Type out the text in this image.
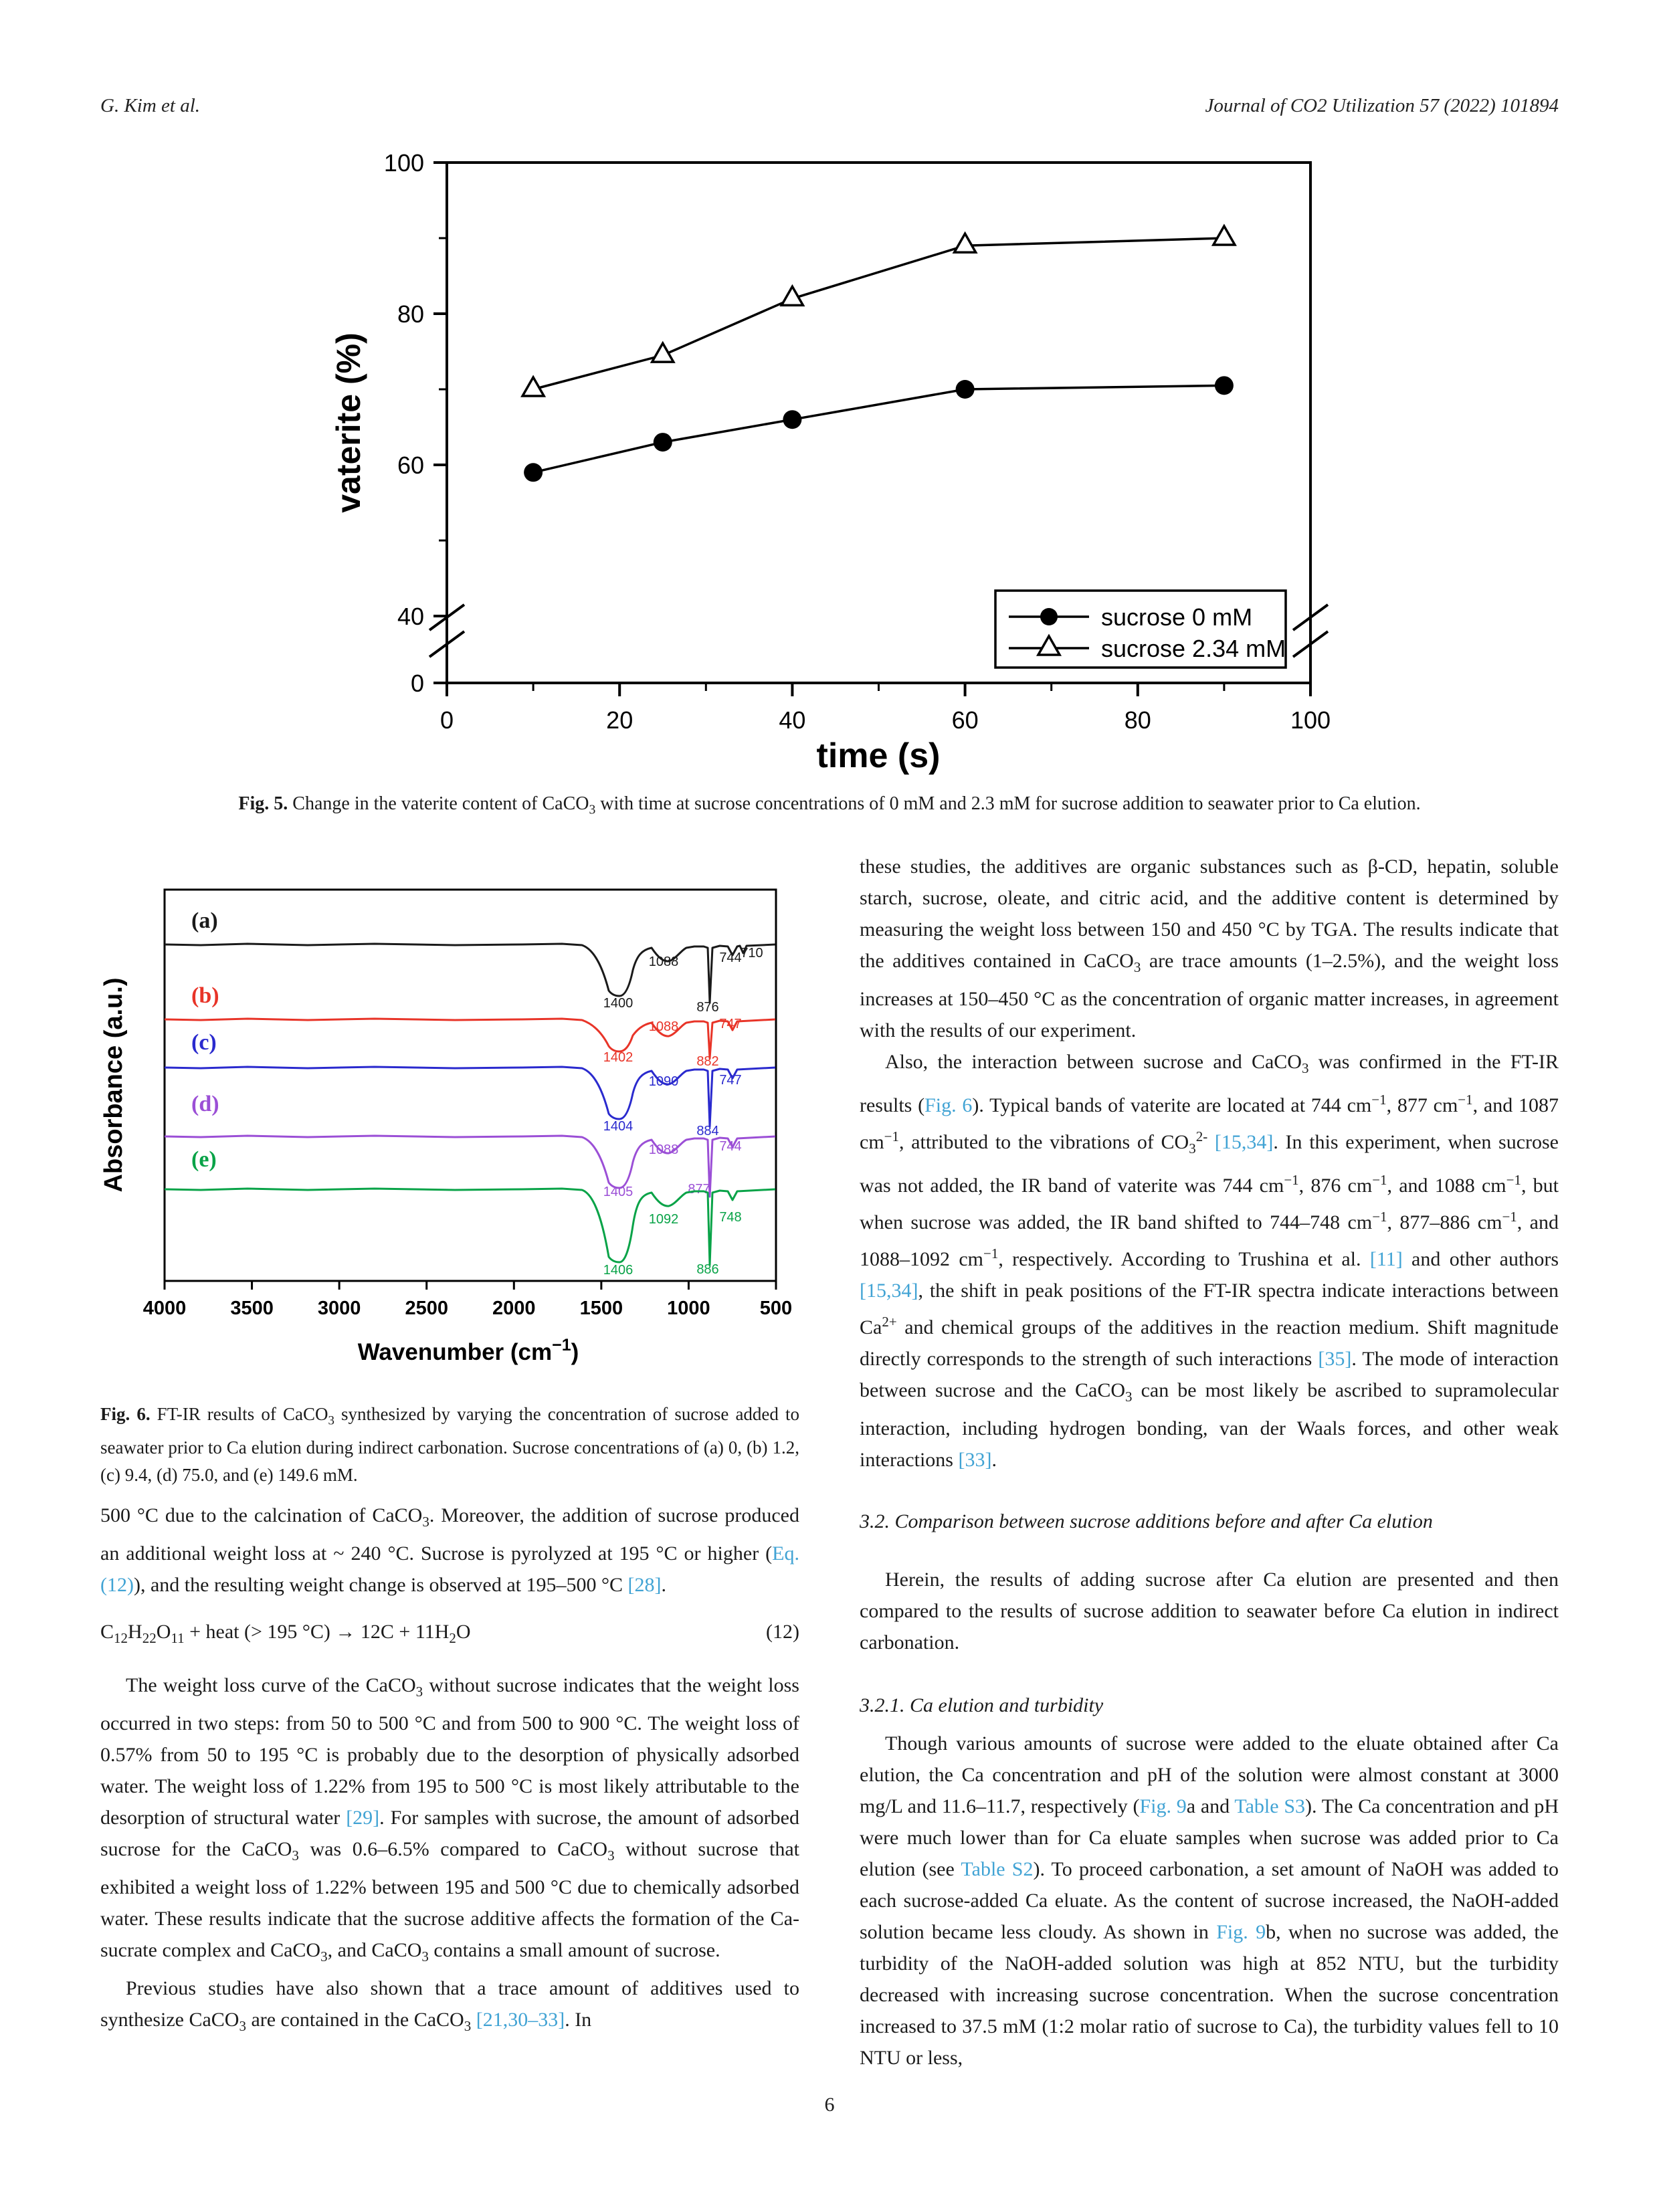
G. Kim et al.	Journal of CO2 Utilization 57 (2022) 101894
0
40
60
80
100
0	20	40	60	80	100
sucrose 0 mM
sucrose 2.34 mM
vaterite (%)
time (s)
Fig. 5. Change in the vaterite content of CaCO$_3$ with time at sucrose concentrations of 0 mM and 2.3 mM for sucrose addition to seawater prior to Ca elution.
4000 3500 3000 2500 2000 1500 1000	500
Wavenumber $(cm^{-1})$
Absorbance (a.u.)
(a)
1400
1088
876
744
710
(b)
1402
1088
882
747
(c)
1404
1090
884
747
(d)
1405
1088
877
744
(e)
1406
1092
886
748
Fig. 6. FT-IR results of CaCO$_3$ synthesized by varying the concentration of sucrose added to seawater prior to Ca elution during indirect carbonation. Sucrose concentrations of (a) 0, (b) 1.2, (c) 9.4, (d) 75.0, and (e) 149.6 mM.

500 °C due to the calcination of CaCO$_3$. Moreover, the addition of sucrose produced an additional weight loss at ~ 240 °C. Sucrose is pyrolyzed at 195 °C or higher (Eq. (12)), and the resulting weight change is observed at 195–500 °C [28].

$C_{12}H_{22}O_{11}$ + heat (> 195 $^\circ C) \to 12C + 11H_2O$	(12)

The weight loss curve of the CaCO$_3$ without sucrose indicates that the weight loss occurred in two steps: from 50 to 500 °C and from 500 to 900 °C. The weight loss of 0.57% from 50 to 195 °C is probably due to the desorption of physically adsorbed water. The weight loss of 1.22% from 195 to 500 °C is most likely attributable to the desorption of structural water [29]. For samples with sucrose, the amount of adsorbed sucrose for the CaCO$_3$ was 0.6–6.5% compared to CaCO$_3$ without sucrose that exhibited a weight loss of 1.22% between 195 and 500 °C due to chemically adsorbed water. These results indicate that the sucrose additive affects the formation of the Ca-sucrate complex and CaCO$_3$, and CaCO$_3$ contains a small amount of sucrose.

Previous studies have also shown that a trace amount of additives used to synthesize CaCO$_3$ are contained in the CaCO$_3$ [21,30–33]. In

these studies, the additives are organic substances such as β-CD, hepatin, soluble starch, sucrose, oleate, and citric acid, and the additive content is determined by measuring the weight loss between 150 and 450 °C by TGA. The results indicate that the additives contained in CaCO$_3$ are trace amounts (1–2.5%), and the weight loss increases at 150–450 °C as the concentration of organic matter increases, in agreement with the results of our experiment.

Also, the interaction between sucrose and CaCO$_3$ was confirmed in the FT-IR results (Fig. 6). Typical bands of vaterite are located at 744 $cm^{-1}$, 877 $cm^{-1}$, and 1087 $cm^{-1}$, attributed to the vibrations of $CO_3^{2-}$ [15,34]. In this experiment, when sucrose was not added, the IR band of vaterite was 744 $cm^{-1}$, 876 $cm^{-1}$, and 1088 $cm^{-1}$, but when sucrose was added, the IR band shifted to 744–748 $cm^{-1}$, 877–886 $cm^{-1}$, and 1088–1092 $cm^{-1}$, respectively. According to Trushina et al. [11] and other authors [15,34], the shift in peak positions of the FT-IR spectra indicate interactions between $Ca^{2+}$ and chemical groups of the additives in the reaction medium. Shift magnitude directly corresponds to the strength of such interactions [35]. The mode of interaction between sucrose and the CaCO$_3$ can be most likely be ascribed to supramolecular interaction, including hydrogen bonding, van der Waals forces, and other weak interactions [33].

3.2. Comparison between sucrose additions before and after Ca elution

Herein, the results of adding sucrose after Ca elution are presented and then compared to the results of sucrose addition to seawater before Ca elution in indirect carbonation.

3.2.1. Ca elution and turbidity

Though various amounts of sucrose were added to the eluate obtained after Ca elution, the Ca concentration and pH of the solution were almost constant at 3000 mg/L and 11.6–11.7, respectively (Fig. 9a and Table S3). The Ca concentration and pH were much lower than for Ca eluate samples when sucrose was added prior to Ca elution (see Table S2). To proceed carbonation, a set amount of NaOH was added to each sucrose-added Ca eluate. As the content of sucrose increased, the NaOH-added solution became less cloudy. As shown in Fig. 9b, when no sucrose was added, the turbidity of the NaOH-added solution was high at 852 NTU, but the turbidity decreased with increasing sucrose concentration. When the sucrose concentration increased to 37.5 mM (1:2 molar ratio of sucrose to Ca), the turbidity values fell to 10 NTU or less,

6
